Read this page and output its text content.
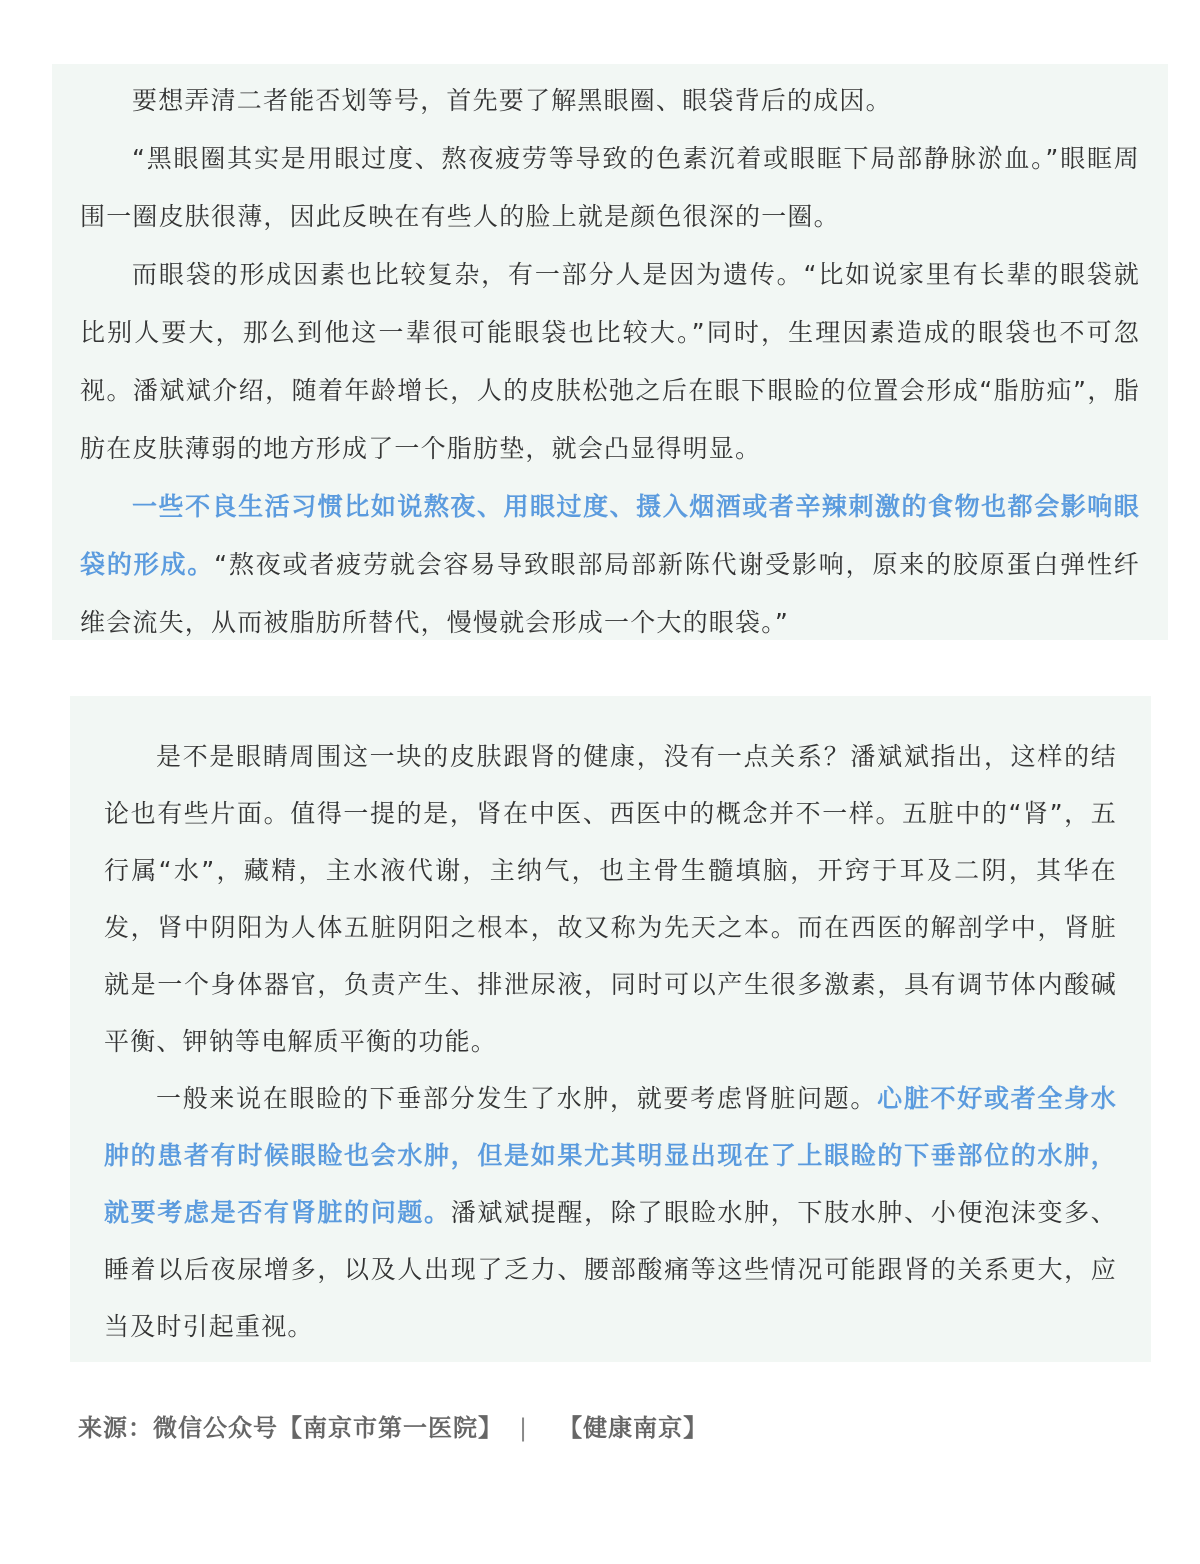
要想弄清二者能否划等号，首先要了解黑眼圈、眼袋背后的成因。

“黑眼圈其实是用眼过度、熬夜疲劳等导致的色素沉着或眼眶下局部静脉淤血。”眼眶周围一圈皮肤很薄，因此反映在有些人的脸上就是颜色很深的一圈。

而眼袋的形成因素也比较复杂，有一部分人是因为遗传。“比如说家里有长辈的眼袋就比别人要大，那么到他这一辈很可能眼袋也比较大。”同时，生理因素造成的眼袋也不可忽视。潘斌斌介绍，随着年龄增长，人的皮肤松弛之后在眼下眼睑的位置会形成“脂肪疝”，脂肪在皮肤薄弱的地方形成了一个脂肪垫，就会凸显得明显。

一些不良生活习惯比如说熬夜、用眼过度、摄入烟酒或者辛辣刺激的食物也都会影响眼袋的形成。“熬夜或者疲劳就会容易导致眼部局部新陈代谢受影响，原来的胶原蛋白弹性纤维会流失，从而被脂肪所替代，慢慢就会形成一个大的眼袋。”

是不是眼睛周围这一块的皮肤跟肾的健康，没有一点关系？潘斌斌指出，这样的结论也有些片面。值得一提的是，肾在中医、西医中的概念并不一样。五脏中的“肾”，五行属“水”，藏精，主水液代谢，主纳气，也主骨生髓填脑，开窍于耳及二阴，其华在发，肾中阴阳为人体五脏阴阳之根本，故又称为先天之本。而在西医的解剖学中，肾脏就是一个身体器官，负责产生、排泄尿液，同时可以产生很多激素，具有调节体内酸碱平衡、钾钠等电解质平衡的功能。

一般来说在眼睑的下垂部分发生了水肿，就要考虑肾脏问题。心脏不好或者全身水肿的患者有时候眼睑也会水肿，但是如果尤其明显出现在了上眼睑的下垂部位的水肿，就要考虑是否有肾脏的问题。潘斌斌提醒，除了眼睑水肿，下肢水肿、小便泡沫变多、睡着以后夜尿增多，以及人出现了乏力、腰部酸痛等这些情况可能跟肾的关系更大，应当及时引起重视。

来源：微信公众号【南京市第一医院】 | 【健康南京】
